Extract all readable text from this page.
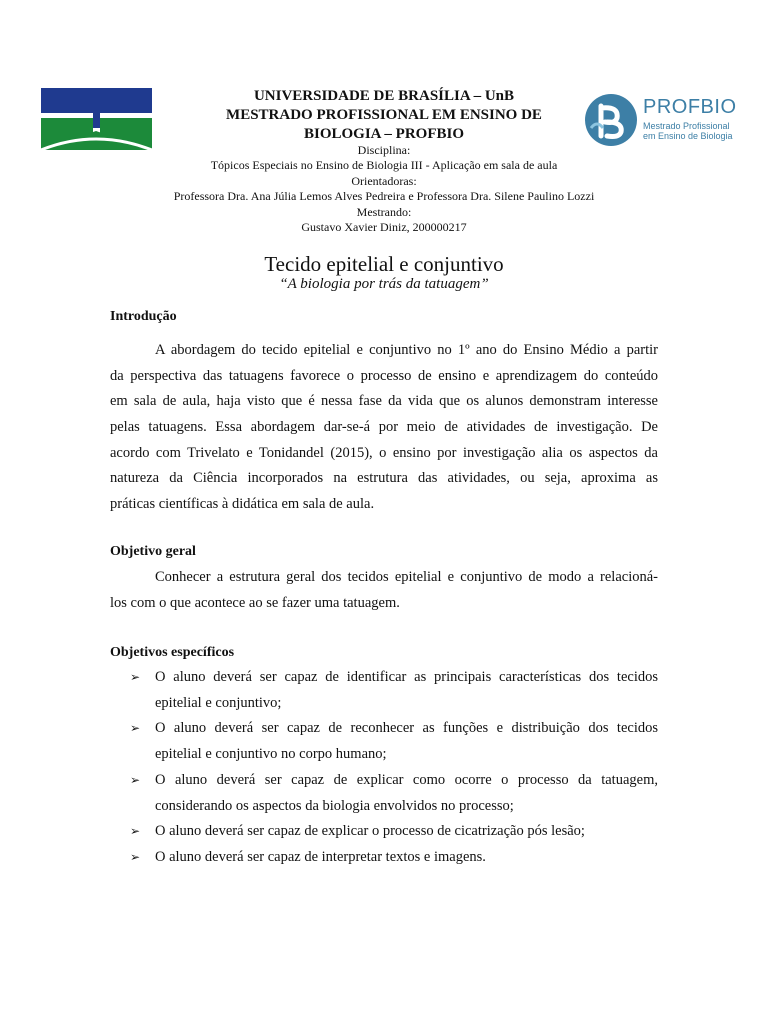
PROFBIO
Mestrado Profissional
em Ensino de Biologia
UNIVERSIDADE DE BRASÍLIA – UnB
MESTRADO PROFISSIONAL EM ENSINO DE
BIOLOGIA – PROFBIO
Disciplina:
Tópicos Especiais no Ensino de Biologia III - Aplicação em sala de aula
Orientadoras:
Professora Dra. Ana Júlia Lemos Alves Pedreira e Professora Dra. Silene Paulino Lozzi
Mestrando:
Gustavo Xavier Diniz, 200000217
Tecido epitelial e conjuntivo
“A biologia por trás da tatuagem”
Introdução
A abordagem do tecido epitelial e conjuntivo no 1º ano do Ensino Médio a partir
da perspectiva das tatuagens favorece o processo de ensino e aprendizagem do conteúdo
em sala de aula, haja visto que é nessa fase da vida que os alunos demonstram interesse
pelas tatuagens. Essa abordagem dar-se-á por meio de atividades de investigação. De
acordo com Trivelato e Tonidandel (2015), o ensino por investigação alia os aspectos da
natureza da Ciência incorporados na estrutura das atividades, ou seja, aproxima as
práticas científicas à didática em sala de aula.
Objetivo geral
Conhecer a estrutura geral dos tecidos epitelial e conjuntivo de modo a relacioná-
los com o que acontece ao se fazer uma tatuagem.
Objetivos específicos
➢ O aluno deverá ser capaz de identificar as principais características dos tecidos
epitelial e conjuntivo;
➢ O aluno deverá ser capaz de reconhecer as funções e distribuição dos tecidos
epitelial e conjuntivo no corpo humano;
➢ O aluno deverá ser capaz de explicar como ocorre o processo da tatuagem,
considerando os aspectos da biologia envolvidos no processo;
➢ O aluno deverá ser capaz de explicar o processo de cicatrização pós lesão;
➢ O aluno deverá ser capaz de interpretar textos e imagens.
